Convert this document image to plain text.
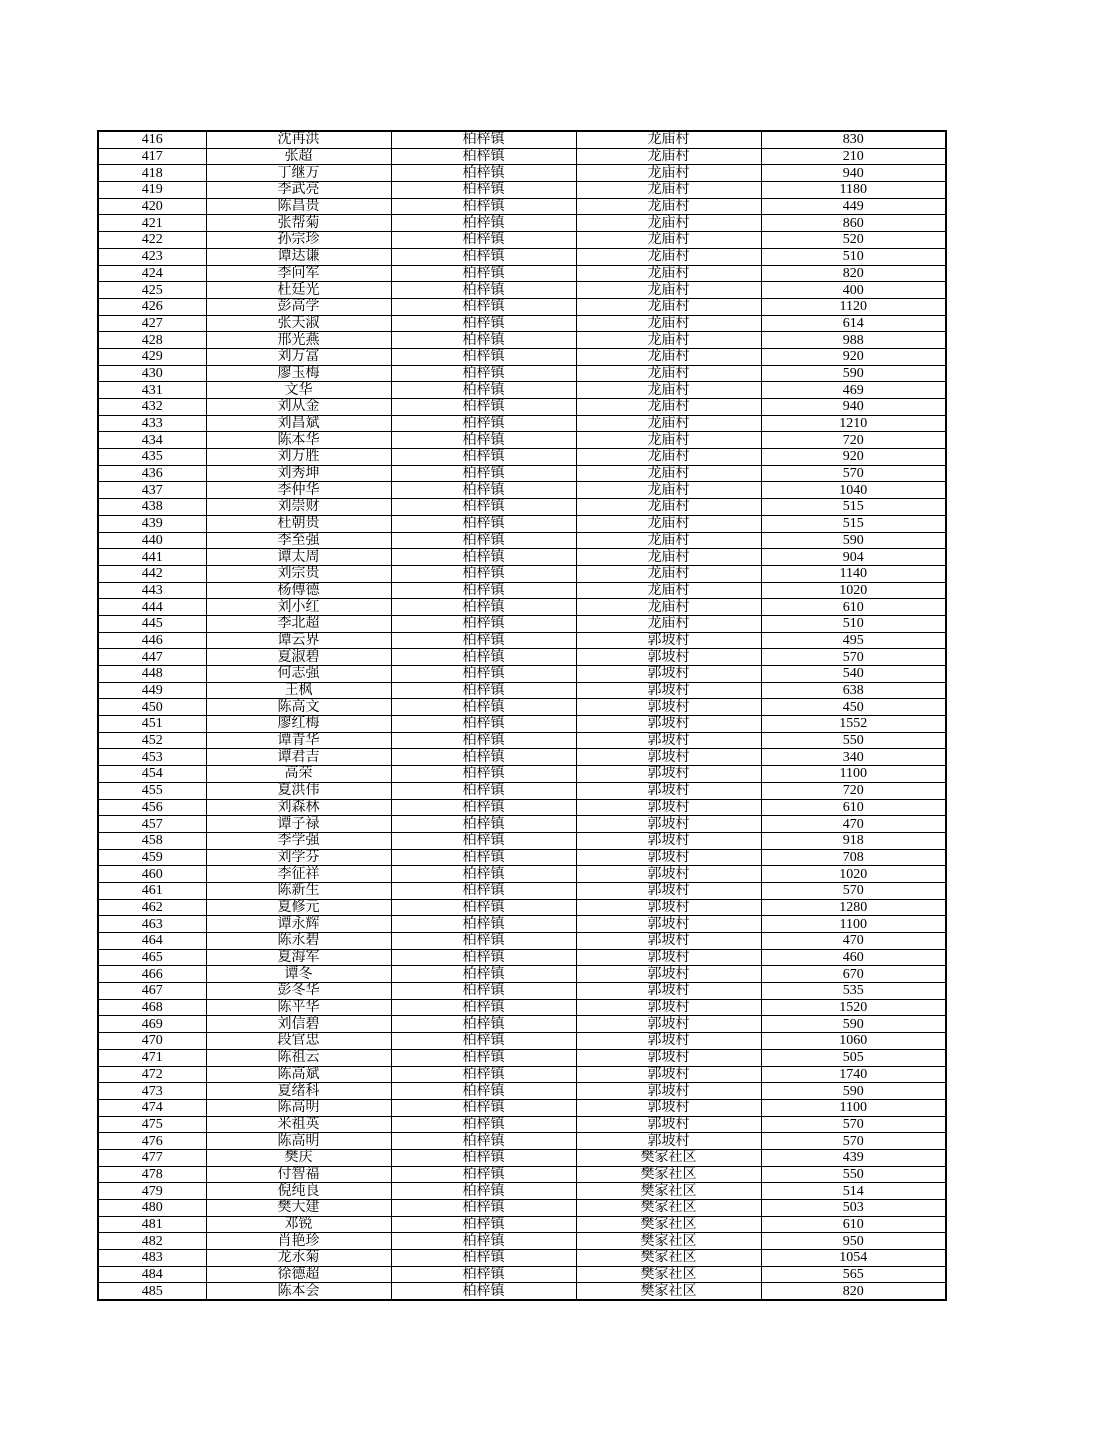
416	沈再洪	柏梓镇	龙庙村	830
417	张超	柏梓镇	龙庙村	210
418	丁继万	柏梓镇	龙庙村	940
419	李武亮	柏梓镇	龙庙村	1180
420	陈昌贵	柏梓镇	龙庙村	449
421	张帮菊	柏梓镇	龙庙村	860
422	孙宗珍	柏梓镇	龙庙村	520
423	谭达谦	柏梓镇	龙庙村	510
424	李问军	柏梓镇	龙庙村	820
425	杜廷光	柏梓镇	龙庙村	400
426	彭高学	柏梓镇	龙庙村	1120
427	张天淑	柏梓镇	龙庙村	614
428	邢光燕	柏梓镇	龙庙村	988
429	刘万富	柏梓镇	龙庙村	920
430	廖玉梅	柏梓镇	龙庙村	590
431	文华	柏梓镇	龙庙村	469
432	刘从金	柏梓镇	龙庙村	940
433	刘昌斌	柏梓镇	龙庙村	1210
434	陈本华	柏梓镇	龙庙村	720
435	刘万胜	柏梓镇	龙庙村	920
436	刘秀坤	柏梓镇	龙庙村	570
437	李仲华	柏梓镇	龙庙村	1040
438	刘崇财	柏梓镇	龙庙村	515
439	杜朝贵	柏梓镇	龙庙村	515
440	李至强	柏梓镇	龙庙村	590
441	谭太周	柏梓镇	龙庙村	904
442	刘宗贵	柏梓镇	龙庙村	1140
443	杨傅德	柏梓镇	龙庙村	1020
444	刘小红	柏梓镇	龙庙村	610
445	李北超	柏梓镇	龙庙村	510
446	谭云界	柏梓镇	郭坡村	495
447	夏淑碧	柏梓镇	郭坡村	570
448	何志强	柏梓镇	郭坡村	540
449	王枫	柏梓镇	郭坡村	638
450	陈高文	柏梓镇	郭坡村	450
451	廖红梅	柏梓镇	郭坡村	1552
452	谭青华	柏梓镇	郭坡村	550
453	谭君吉	柏梓镇	郭坡村	340
454	高荣	柏梓镇	郭坡村	1100
455	夏洪伟	柏梓镇	郭坡村	720
456	刘森林	柏梓镇	郭坡村	610
457	谭子禄	柏梓镇	郭坡村	470
458	李学强	柏梓镇	郭坡村	918
459	刘学芬	柏梓镇	郭坡村	708
460	李征祥	柏梓镇	郭坡村	1020
461	陈新生	柏梓镇	郭坡村	570
462	夏修元	柏梓镇	郭坡村	1280
463	谭永辉	柏梓镇	郭坡村	1100
464	陈永碧	柏梓镇	郭坡村	470
465	夏海军	柏梓镇	郭坡村	460
466	谭冬	柏梓镇	郭坡村	670
467	彭冬华	柏梓镇	郭坡村	535
468	陈平华	柏梓镇	郭坡村	1520
469	刘信碧	柏梓镇	郭坡村	590
470	段官忠	柏梓镇	郭坡村	1060
471	陈祖云	柏梓镇	郭坡村	505
472	陈高斌	柏梓镇	郭坡村	1740
473	夏绪科	柏梓镇	郭坡村	590
474	陈高明	柏梓镇	郭坡村	1100
475	米祖英	柏梓镇	郭坡村	570
476	陈高明	柏梓镇	郭坡村	570
477	樊庆	柏梓镇	樊家社区	439
478	付智福	柏梓镇	樊家社区	550
479	倪纯良	柏梓镇	樊家社区	514
480	樊大建	柏梓镇	樊家社区	503
481	邓锐	柏梓镇	樊家社区	610
482	肖艳珍	柏梓镇	樊家社区	950
483	龙永菊	柏梓镇	樊家社区	1054
484	徐德超	柏梓镇	樊家社区	565
485	陈本会	柏梓镇	樊家社区	820
